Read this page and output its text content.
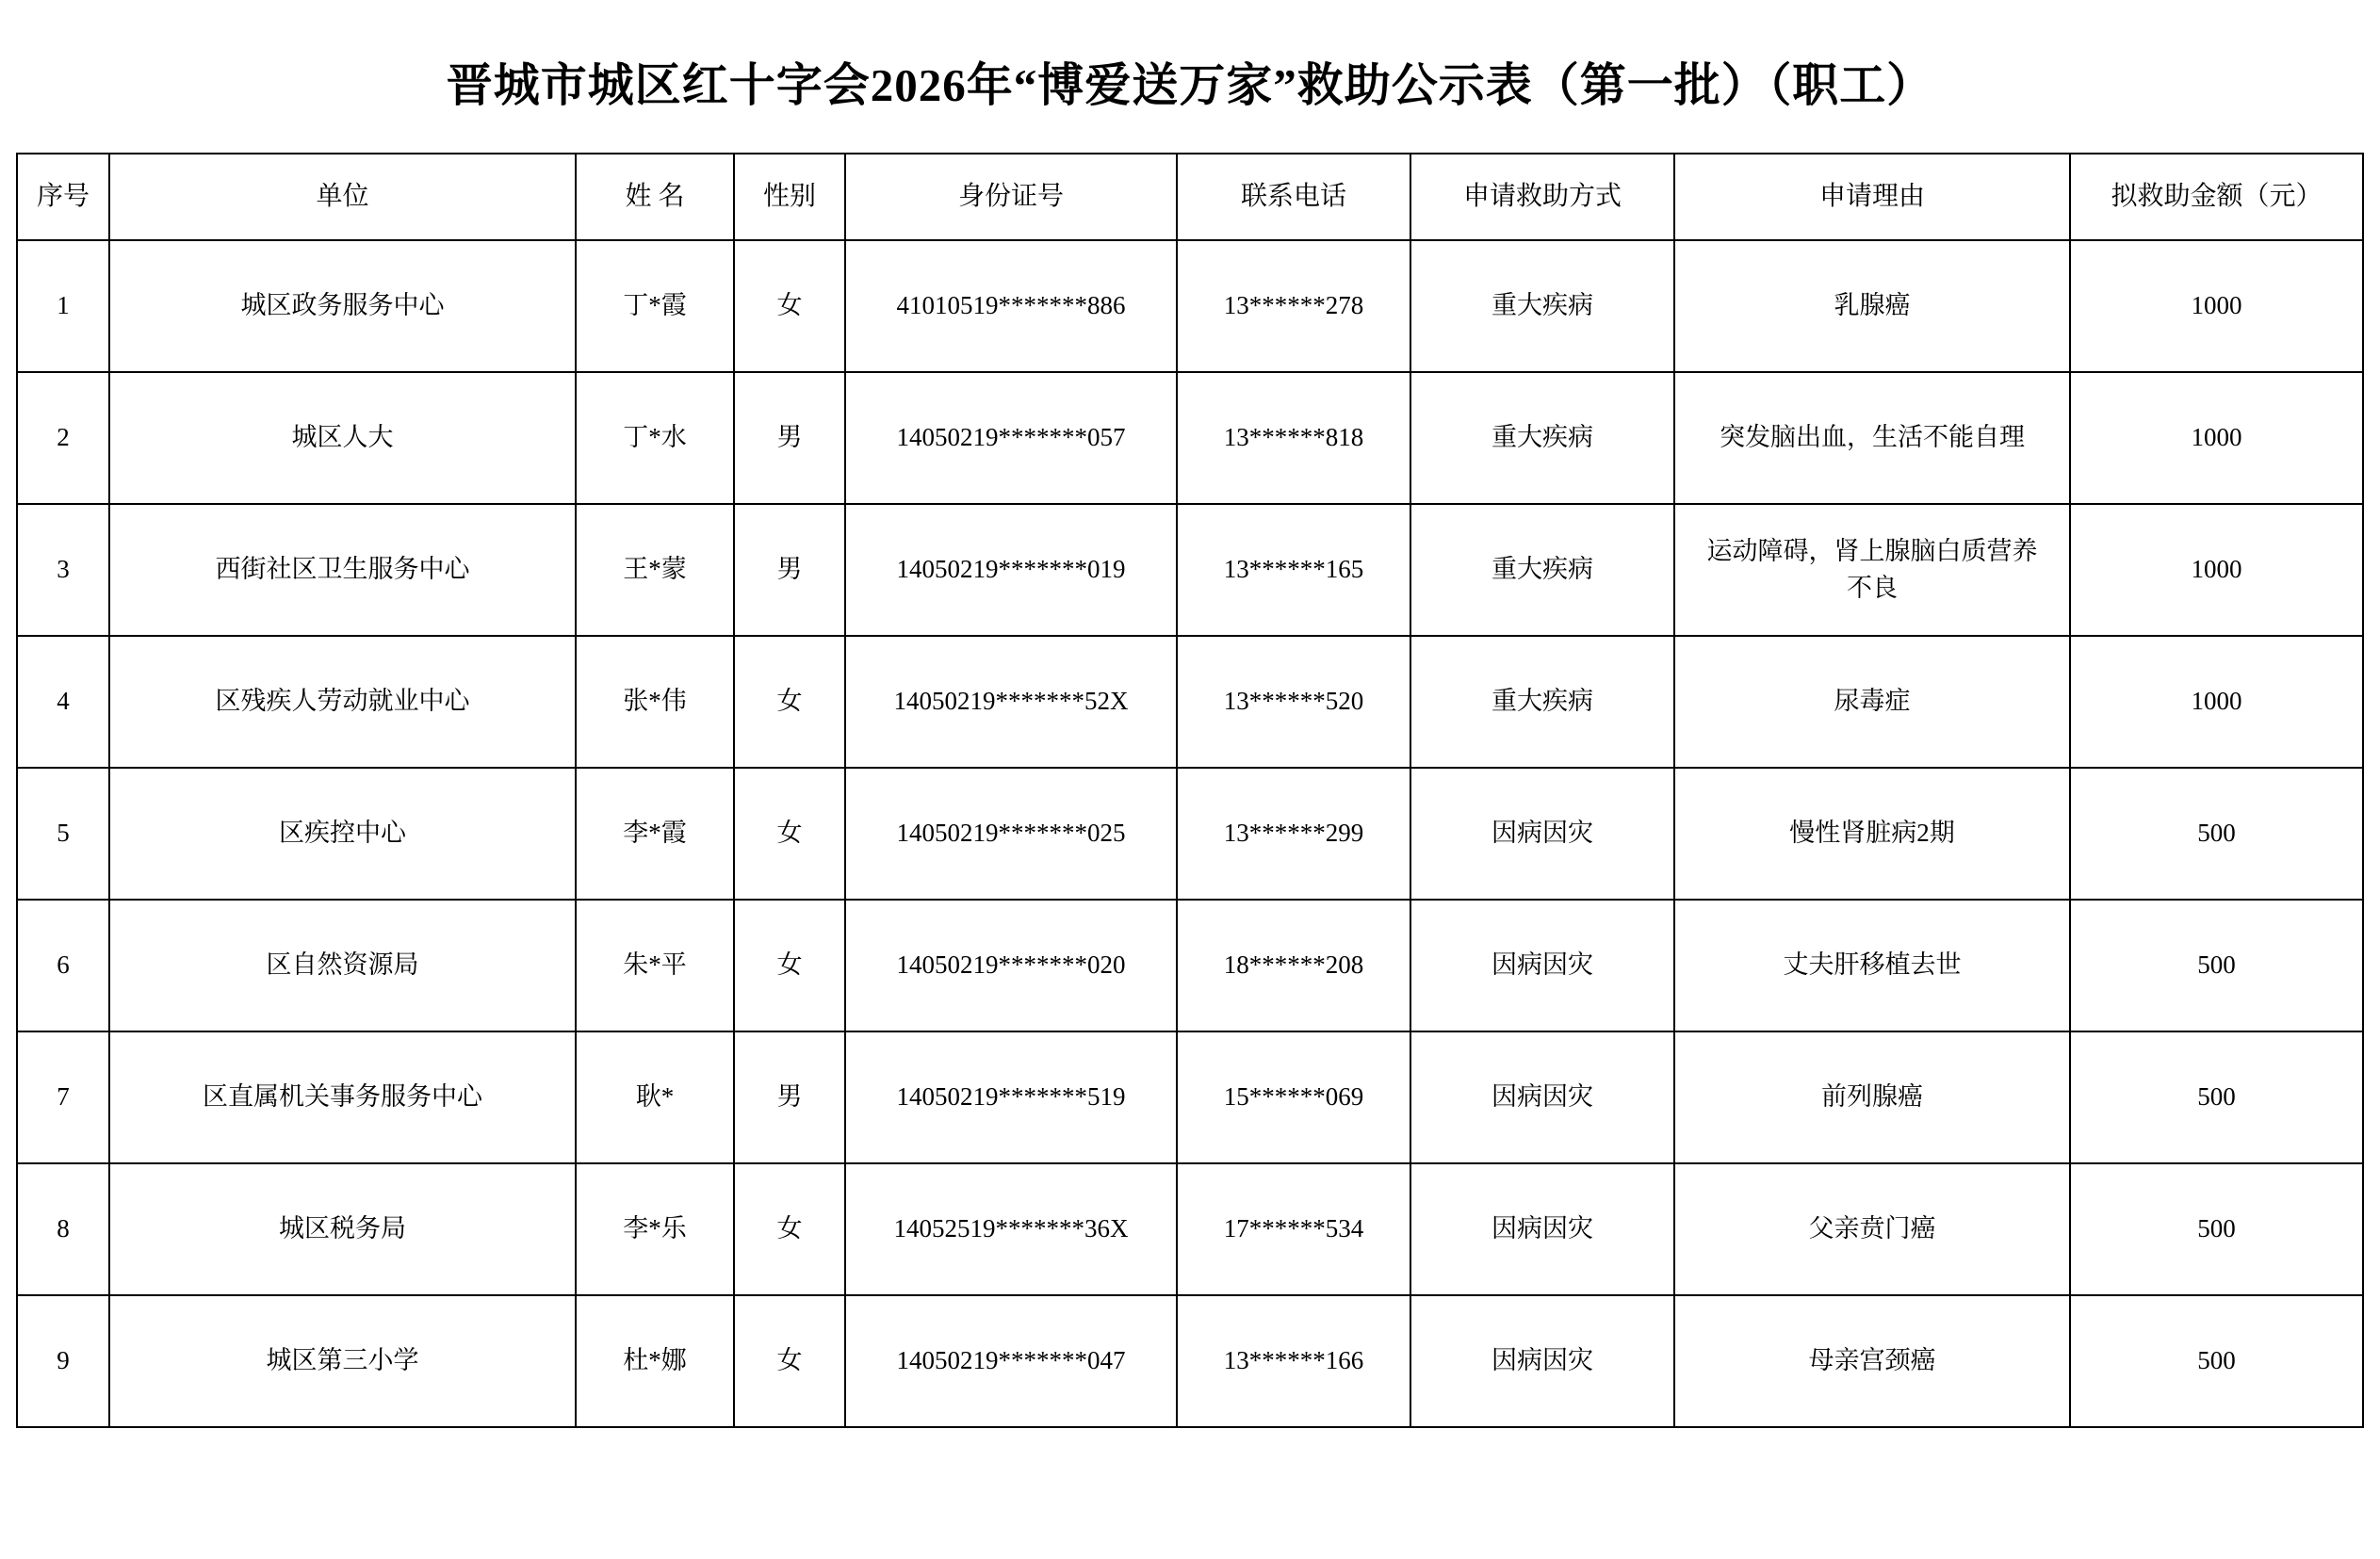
晋城市城区红十字会2026年“博爱送万家”救助公示表（第一批）（职工）
序号	单位	姓 名	性别	身份证号	联系电话	申请救助方式	申请理由	拟救助金额（元）
1	城区政务服务中心	丁*霞	女	41010519*******886	13******278	重大疾病	乳腺癌	1000
2	城区人大	丁*水	男	14050219*******057	13******818	重大疾病	突发脑出血，生活不能自理	1000
3	西街社区卫生服务中心	王*蒙	男	14050219*******019	13******165	重大疾病	运动障碍，肾上腺脑白质营养不良	1000
4	区残疾人劳动就业中心	张*伟	女	14050219*******52X	13******520	重大疾病	尿毒症	1000
5	区疾控中心	李*霞	女	14050219*******025	13******299	因病因灾	慢性肾脏病2期	500
6	区自然资源局	朱*平	女	14050219*******020	18******208	因病因灾	丈夫肝移植去世	500
7	区直属机关事务服务中心	耿*	男	14050219*******519	15******069	因病因灾	前列腺癌	500
8	城区税务局	李*乐	女	14052519*******36X	17******534	因病因灾	父亲贲门癌	500
9	城区第三小学	杜*娜	女	14050219*******047	13******166	因病因灾	母亲宫颈癌	500
